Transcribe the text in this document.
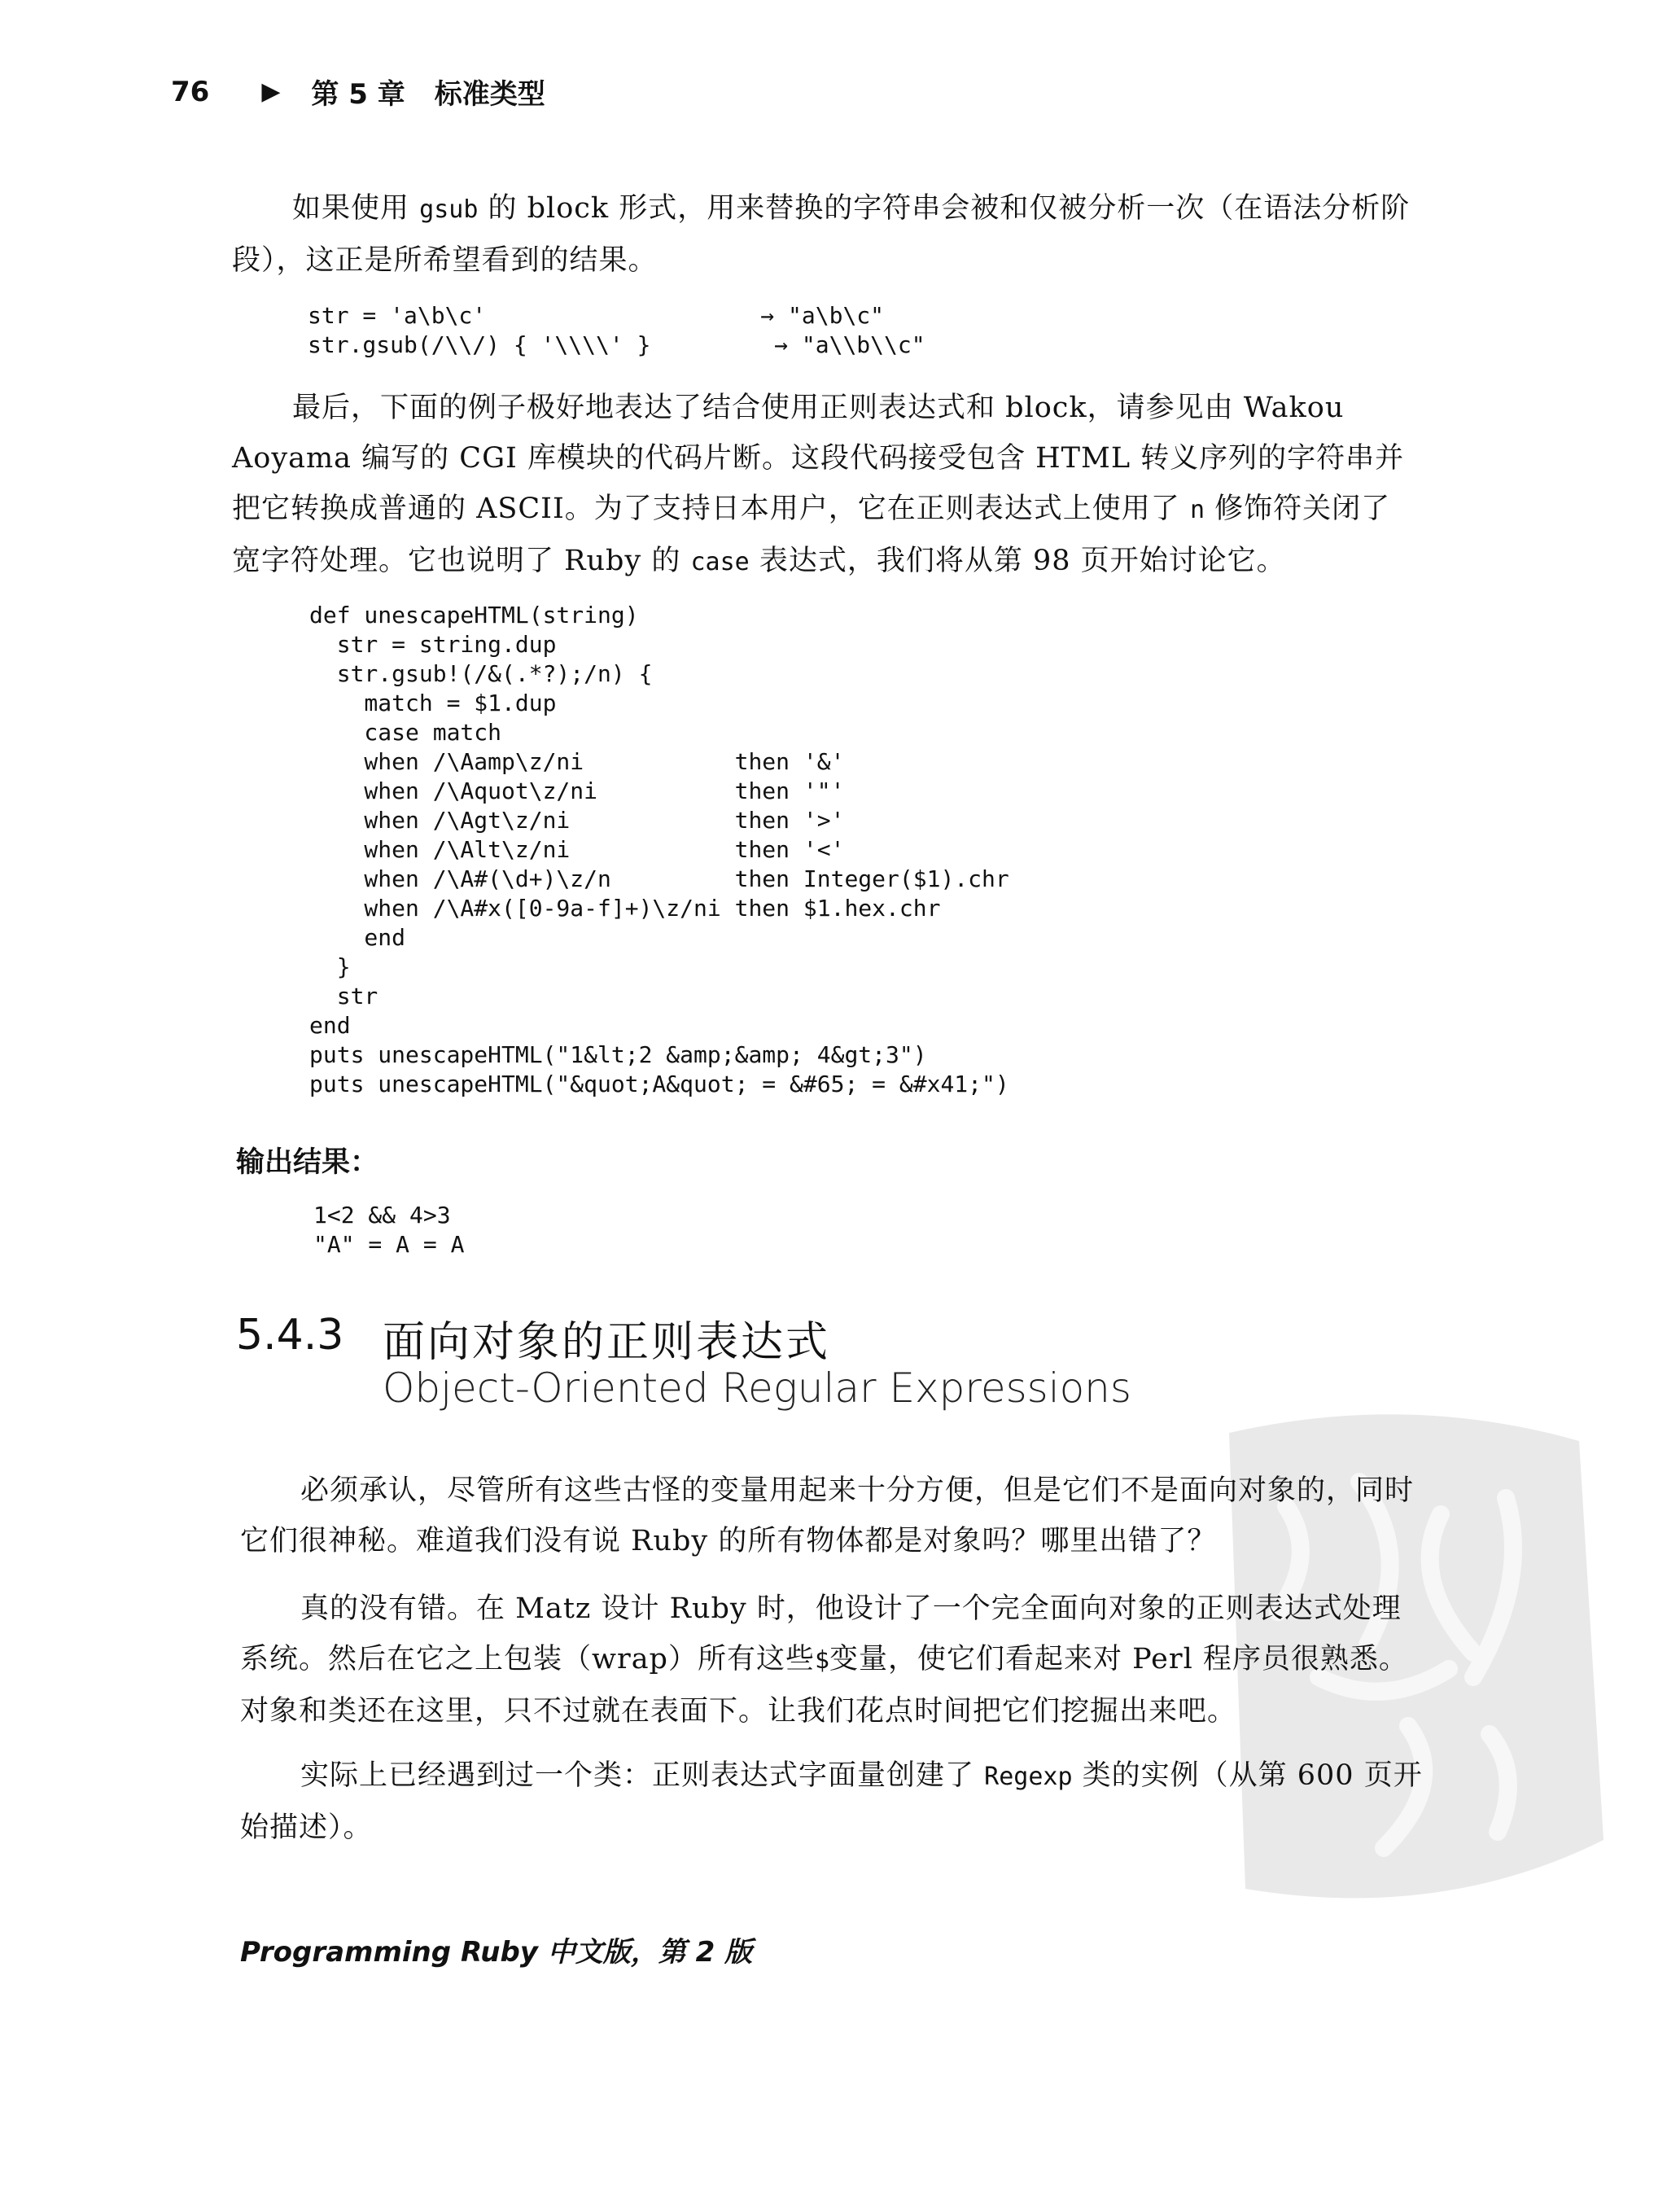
76 ▶ 第 5 章 标准类型

如果使用 gsub 的 block 形式，用来替换的字符串会被和仅被分析一次（在语法分析阶段），这正是所希望看到的结果。

str = 'a\b\c'                    → "a\b\c"
str.gsub(/\\/) { '\\\\' }         → "a\\b\\c"

最后，下面的例子极好地表达了结合使用正则表达式和 block，请参见由 Wakou Aoyama 编写的 CGI 库模块的代码片断。这段代码接受包含 HTML 转义序列的字符串并把它转换成普通的 ASCII。为了支持日本用户，它在正则表达式上使用了 n 修饰符关闭了宽字符处理。它也说明了 Ruby 的 case 表达式，我们将从第 98 页开始讨论它。

def unescapeHTML(string)
str = string.dup
str.gsub!(/&(.*?);/n) {
match = $1.dup
case match
when /\Aamp\z/ni           then '&'
when /\Aquot\z/ni          then '"'
when /\Agt\z/ni            then '>'
when /\Alt\z/ni            then '<'
when /\A#(\d+)\z/n         then Integer($1).chr
when /\A#x([0-9a-f]+)\z/ni then $1.hex.chr
end
}
str
end
puts unescapeHTML("1&lt;2 &amp;&amp; 4&gt;3")
puts unescapeHTML("&quot;A&quot; = &#65; = &#x41;")
输出结果：
1<2 && 4>3
"A" = A = A
5.4.3 面向对象的正则表达式
Object-Oriented Regular Expressions

必须承认，尽管所有这些古怪的变量用起来十分方便，但是它们不是面向对象的，同时它们很神秘。难道我们没有说 Ruby 的所有物体都是对象吗？哪里出错了？

真的没有错。在 Matz 设计 Ruby 时，他设计了一个完全面向对象的正则表达式处理系统。然后在它之上包装（wrap）所有这些$变量，使它们看起来对 Perl 程序员很熟悉。对象和类还在这里，只不过就在表面下。让我们花点时间把它们挖掘出来吧。

实际上已经遇到过一个类：正则表达式字面量创建了 Regexp 类的实例（从第 600 页开始描述）。

Programming Ruby 中文版，第 2 版
